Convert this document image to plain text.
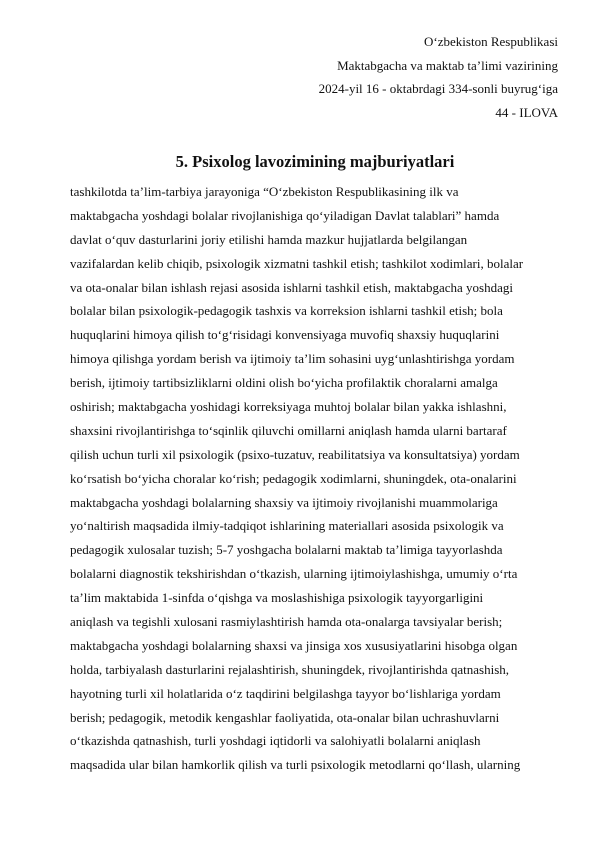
O‘zbekiston Respublikasi
Maktabgacha va maktab ta’limi vazirining
2024-yil 16 - oktabrdagi 334-sonli buyrug‘iga
44 - ILOVA
5. Psixolog lavozimining majburiyatlari
tashkilotda ta’lim-tarbiya jarayoniga “O‘zbekiston Respublikasining ilk va
maktabgacha yoshdagi bolalar rivojlanishiga qo‘yiladigan Davlat talablari” hamda
davlat o‘quv dasturlarini joriy etilishi hamda mazkur hujjatlarda belgilangan
vazifalardan kelib chiqib, psixologik xizmatni tashkil etish; tashkilot xodimlari, bolalar
va ota-onalar bilan ishlash rejasi asosida ishlarni tashkil etish, maktabgacha yoshdagi
bolalar bilan psixologik-pedagogik tashxis va korreksion ishlarni tashkil etish; bola
huquqlarini himoya qilish to‘g‘risidagi konvensiyaga muvofiq shaxsiy huquqlarini
himoya qilishga yordam berish va ijtimoiy ta’lim sohasini uyg‘unlashtirishga yordam
berish, ijtimoiy tartibsizliklarni oldini olish bo‘yicha profilaktik choralarni amalga
oshirish; maktabgacha yoshidagi korreksiyaga muhtoj bolalar bilan yakka ishlashni,
shaxsini rivojlantirishga to‘sqinlik qiluvchi omillarni aniqlash hamda ularni bartaraf
qilish uchun turli xil psixologik (psixo-tuzatuv, reabilitatsiya va konsultatsiya) yordam
ko‘rsatish bo‘yicha choralar ko‘rish; pedagogik xodimlarni, shuningdek, ota-onalarini
maktabgacha yoshdagi bolalarning shaxsiy va ijtimoiy rivojlanishi muammolariga
yo‘naltirish maqsadida ilmiy-tadqiqot ishlarining materiallari asosida psixologik va
pedagogik xulosalar tuzish; 5-7 yoshgacha bolalarni maktab ta’limiga tayyorlashda
bolalarni diagnostik tekshirishdan o‘tkazish, ularning ijtimoiylashishga, umumiy o‘rta
ta’lim maktabida 1-sinfda o‘qishga va moslashishiga psixologik tayyorgarligini
aniqlash va tegishli xulosani rasmiylashtirish hamda ota-onalarga tavsiyalar berish;
maktabgacha yoshdagi bolalarning shaxsi va jinsiga xos xususiyatlarini hisobga olgan
holda, tarbiyalash dasturlarini rejalashtirish, shuningdek, rivojlantirishda qatnashish,
hayotning turli xil holatlarida o‘z taqdirini belgilashga tayyor bo‘lishlariga yordam
berish; pedagogik, metodik kengashlar faoliyatida, ota-onalar bilan uchrashuvlarni
o‘tkazishda qatnashish, turli yoshdagi iqtidorli va salohiyatli bolalarni aniqlash
maqsadida ular bilan hamkorlik qilish va turli psixologik metodlarni qo‘llash, ularning
